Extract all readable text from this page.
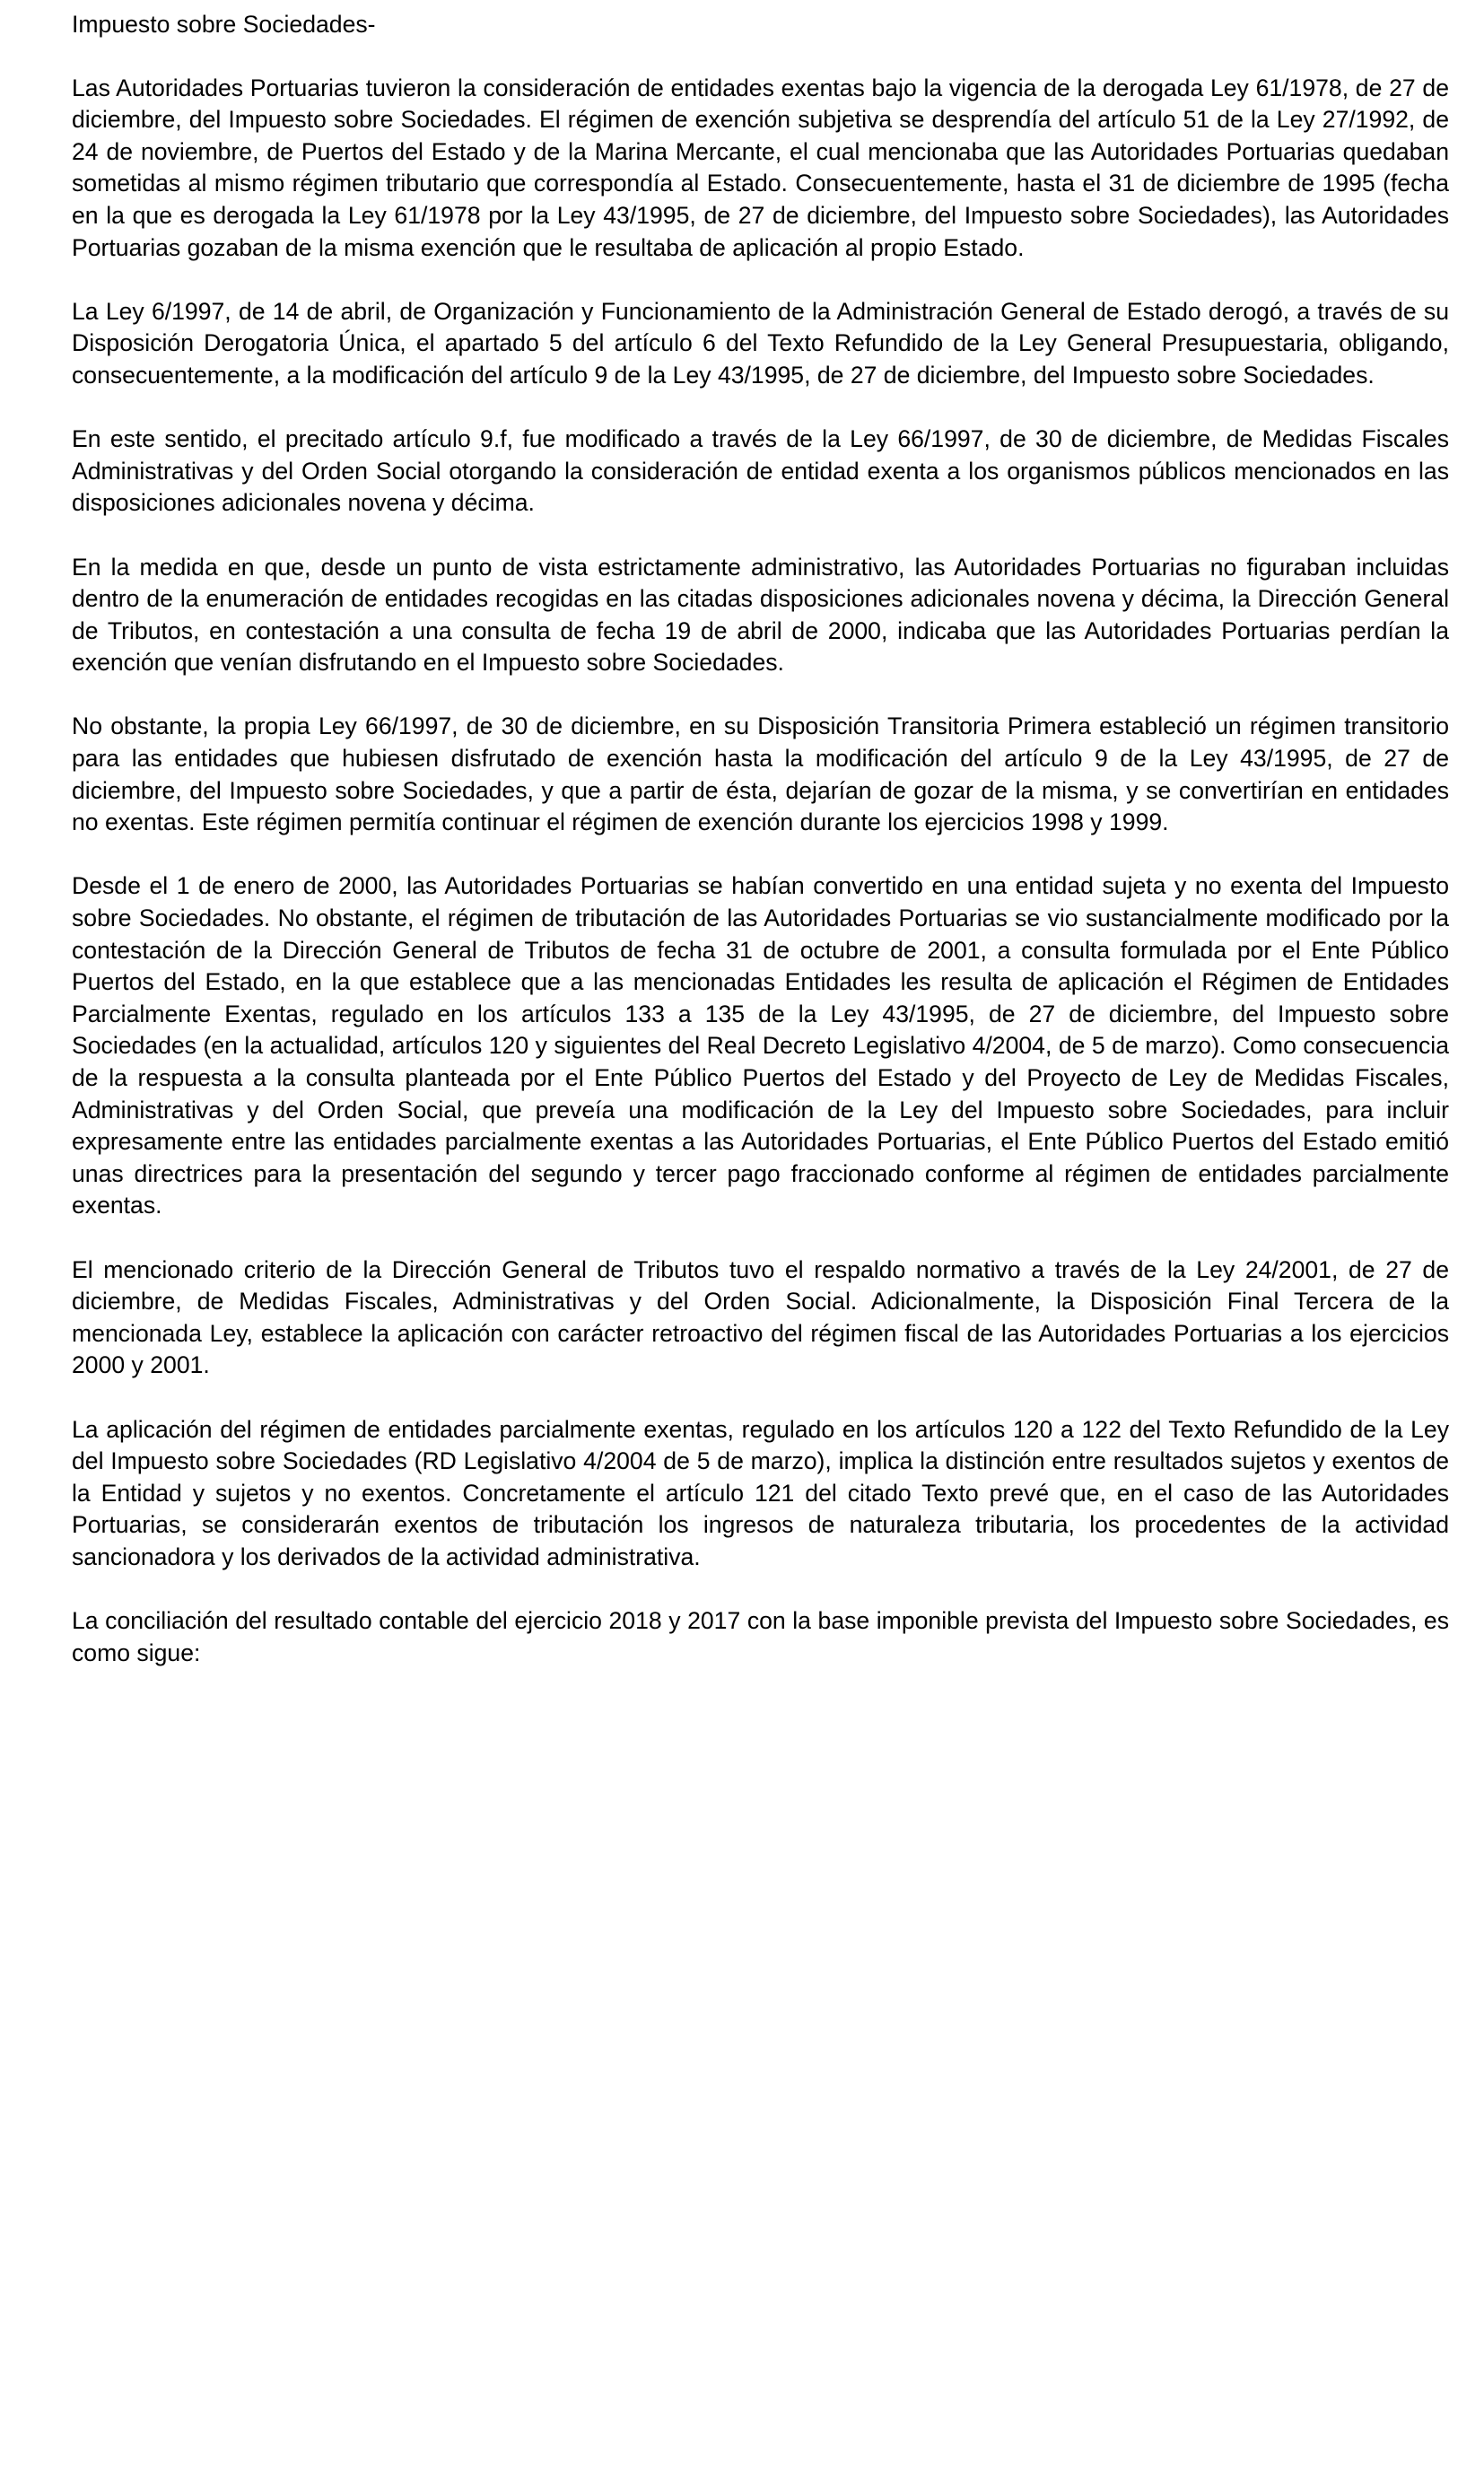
Impuesto sobre Sociedades-

Las Autoridades Portuarias tuvieron la consideración de entidades exentas bajo la vigencia de la derogada Ley 61/1978, de 27 de diciembre, del Impuesto sobre Sociedades. El régimen de exención subjetiva se desprendía del artículo 51 de la Ley 27/1992, de 24 de noviembre, de Puertos del Estado y de la Marina Mercante, el cual mencionaba que las Autoridades Portuarias quedaban sometidas al mismo régimen tributario que correspondía al Estado. Consecuentemente, hasta el 31 de diciembre de 1995 (fecha en la que es derogada la Ley 61/1978 por la Ley 43/1995, de 27 de diciembre, del Impuesto sobre Sociedades), las Autoridades Portuarias gozaban de la misma exención que le resultaba de aplicación al propio Estado.

La Ley 6/1997, de 14 de abril, de Organización y Funcionamiento de la Administración General de Estado derogó, a través de su Disposición Derogatoria Única, el apartado 5 del artículo 6 del Texto Refundido de la Ley General Presupuestaria, obligando, consecuentemente, a la modificación del artículo 9 de la Ley 43/1995, de 27 de diciembre, del Impuesto sobre Sociedades.

En este sentido, el precitado artículo 9.f, fue modificado a través de la Ley 66/1997, de 30 de diciembre, de Medidas Fiscales Administrativas y del Orden Social otorgando la consideración de entidad exenta a los organismos públicos mencionados en las disposiciones adicionales novena y décima.

En la medida en que, desde un punto de vista estrictamente administrativo, las Autoridades Portuarias no figuraban incluidas dentro de la enumeración de entidades recogidas en las citadas disposiciones adicionales novena y décima, la Dirección General de Tributos, en contestación a una consulta de fecha 19 de abril de 2000, indicaba que las Autoridades Portuarias perdían la exención que venían disfrutando en el Impuesto sobre Sociedades.

No obstante, la propia Ley 66/1997, de 30 de diciembre, en su Disposición Transitoria Primera estableció un régimen transitorio para las entidades que hubiesen disfrutado de exención hasta la modificación del artículo 9 de la Ley 43/1995, de 27 de diciembre, del Impuesto sobre Sociedades, y que a partir de ésta, dejarían de gozar de la misma, y se convertirían en entidades no exentas. Este régimen permitía continuar el régimen de exención durante los ejercicios 1998 y 1999.

Desde el 1 de enero de 2000, las Autoridades Portuarias se habían convertido en una entidad sujeta y no exenta del Impuesto sobre Sociedades. No obstante, el régimen de tributación de las Autoridades Portuarias se vio sustancialmente modificado por la contestación de la Dirección General de Tributos de fecha 31 de octubre de 2001, a consulta formulada por el Ente Público Puertos del Estado, en la que establece que a las mencionadas Entidades les resulta de aplicación el Régimen de Entidades Parcialmente Exentas, regulado en los artículos 133 a 135 de la Ley 43/1995, de 27 de diciembre, del Impuesto sobre Sociedades (en la actualidad, artículos 120 y siguientes del Real Decreto Legislativo 4/2004, de 5 de marzo). Como consecuencia de la respuesta a la consulta planteada por el Ente Público Puertos del Estado y del Proyecto de Ley de Medidas Fiscales, Administrativas y del Orden Social, que preveía una modificación de la Ley del Impuesto sobre Sociedades, para incluir expresamente entre las entidades parcialmente exentas a las Autoridades Portuarias, el Ente Público Puertos del Estado emitió unas directrices para la presentación del segundo y tercer pago fraccionado conforme al régimen de entidades parcialmente exentas.

El mencionado criterio de la Dirección General de Tributos tuvo el respaldo normativo a través de la Ley 24/2001, de 27 de diciembre, de Medidas Fiscales, Administrativas y del Orden Social. Adicionalmente, la Disposición Final Tercera de la mencionada Ley, establece la aplicación con carácter retroactivo del régimen fiscal de las Autoridades Portuarias a los ejercicios 2000 y 2001.

La aplicación del régimen de entidades parcialmente exentas, regulado en los artículos 120 a 122 del Texto Refundido de la Ley del Impuesto sobre Sociedades (RD Legislativo 4/2004 de 5 de marzo), implica la distinción entre resultados sujetos y exentos de la Entidad y sujetos y no exentos. Concretamente el artículo 121 del citado Texto prevé que, en el caso de las Autoridades Portuarias, se considerarán exentos de tributación los ingresos de naturaleza tributaria, los procedentes de la actividad sancionadora y los derivados de la actividad administrativa.

La conciliación del resultado contable del ejercicio 2018 y 2017 con la base imponible prevista del Impuesto sobre Sociedades, es como sigue:
